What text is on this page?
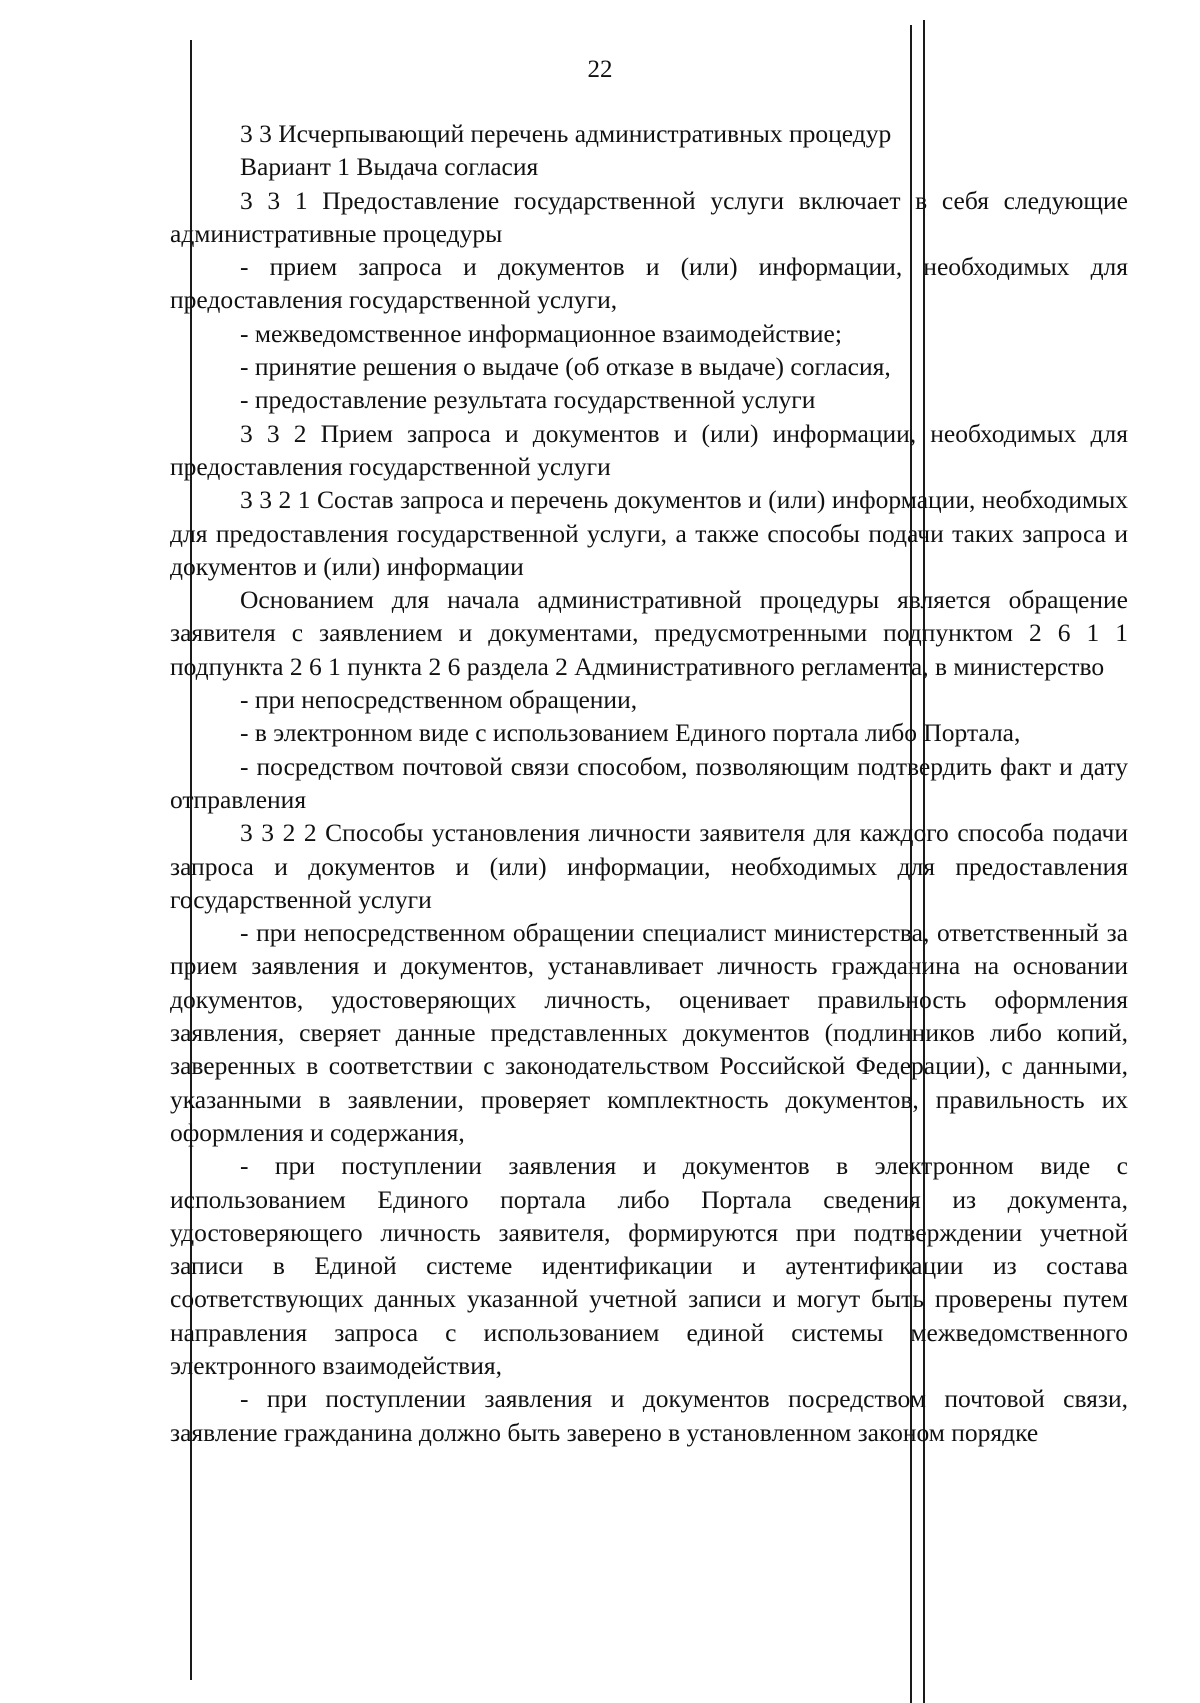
22

3 3 Исчерпывающий перечень административных процедур

Вариант 1 Выдача согласия

3 3 1 Предоставление государственной услуги включает в себя следующие административные процедуры

- прием запроса и документов и (или) информации, необходимых для предоставления государственной услуги,

- межведомственное информационное взаимодействие;

- принятие решения о выдаче (об отказе в выдаче) согласия,

- предоставление результата государственной услуги

3 3 2 Прием запроса и документов и (или) информации, необходимых для предоставления государственной услуги

3 3 2 1 Состав запроса и перечень документов и (или) информации, необходимых для предоставления государственной услуги, а также способы подачи таких запроса и документов и (или) информации

Основанием для начала административной процедуры является обращение заявителя с заявлением и документами, предусмотренными подпунктом 2 6 1 1 подпункта 2 6 1 пункта 2 6 раздела 2 Административного регламента, в министерство

- при непосредственном обращении,

- в электронном виде с использованием Единого портала либо Портала,

- посредством почтовой связи способом, позволяющим подтвердить факт и дату отправления

3 3 2 2 Способы установления личности заявителя для каждого способа подачи запроса и документов и (или) информации, необходимых для предоставления государственной услуги

- при непосредственном обращении специалист министерства, ответственный за прием заявления и документов, устанавливает личность гражданина на основании документов, удостоверяющих личность, оценивает правильность оформления заявления, сверяет данные представленных документов (подлинников либо копий, заверенных в соответствии с законодательством Российской Федерации), с данными, указанными в заявлении, проверяет комплектность документов, правильность их оформления и содержания,

- при поступлении заявления и документов в электронном виде с использованием Единого портала либо Портала сведения из документа, удостоверяющего личность заявителя, формируются при подтверждении учетной записи в Единой системе идентификации и аутентификации из состава соответствующих данных указанной учетной записи и могут быть проверены путем направления запроса с использованием единой системы межведомственного электронного взаимодействия,

- при поступлении заявления и документов посредством почтовой связи, заявление гражданина должно быть заверено в установленном законом порядке
